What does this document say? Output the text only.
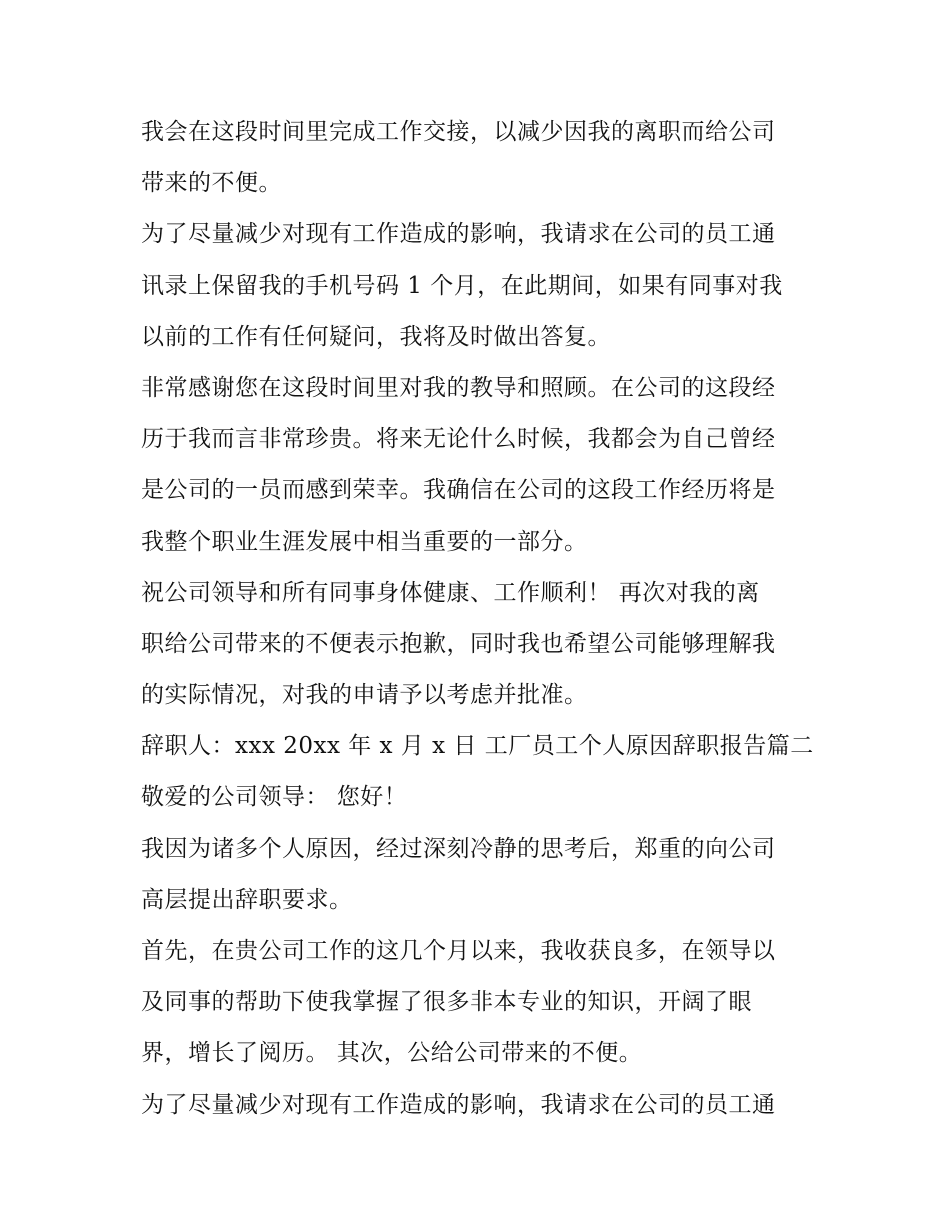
我会在这段时间里完成工作交接，以减少因我的离职而给公司
带来的不便。
为了尽量减少对现有工作造成的影响，我请求在公司的员工通
讯录上保留我的手机号码 1 个月，在此期间，如果有同事对我
以前的工作有任何疑问，我将及时做出答复。
非常感谢您在这段时间里对我的教导和照顾。在公司的这段经
历于我而言非常珍贵。将来无论什么时候，我都会为自己曾经
是公司的一员而感到荣幸。我确信在公司的这段工作经历将是
我整个职业生涯发展中相当重要的一部分。
祝公司领导和所有同事身体健康、工作顺利！ 再次对我的离
职给公司带来的不便表示抱歉，同时我也希望公司能够理解我
的实际情况，对我的申请予以考虑并批准。
辞职人：xxx 20xx 年 x 月 x 日 工厂员工个人原因辞职报告篇二
敬爱的公司领导： 您好！
我因为诸多个人原因，经过深刻冷静的思考后，郑重的向公司
高层提出辞职要求。
首先，在贵公司工作的这几个月以来，我收获良多，在领导以
及同事的帮助下使我掌握了很多非本专业的知识，开阔了眼
界，增长了阅历。 其次，公给公司带来的不便。
为了尽量减少对现有工作造成的影响，我请求在公司的员工通
